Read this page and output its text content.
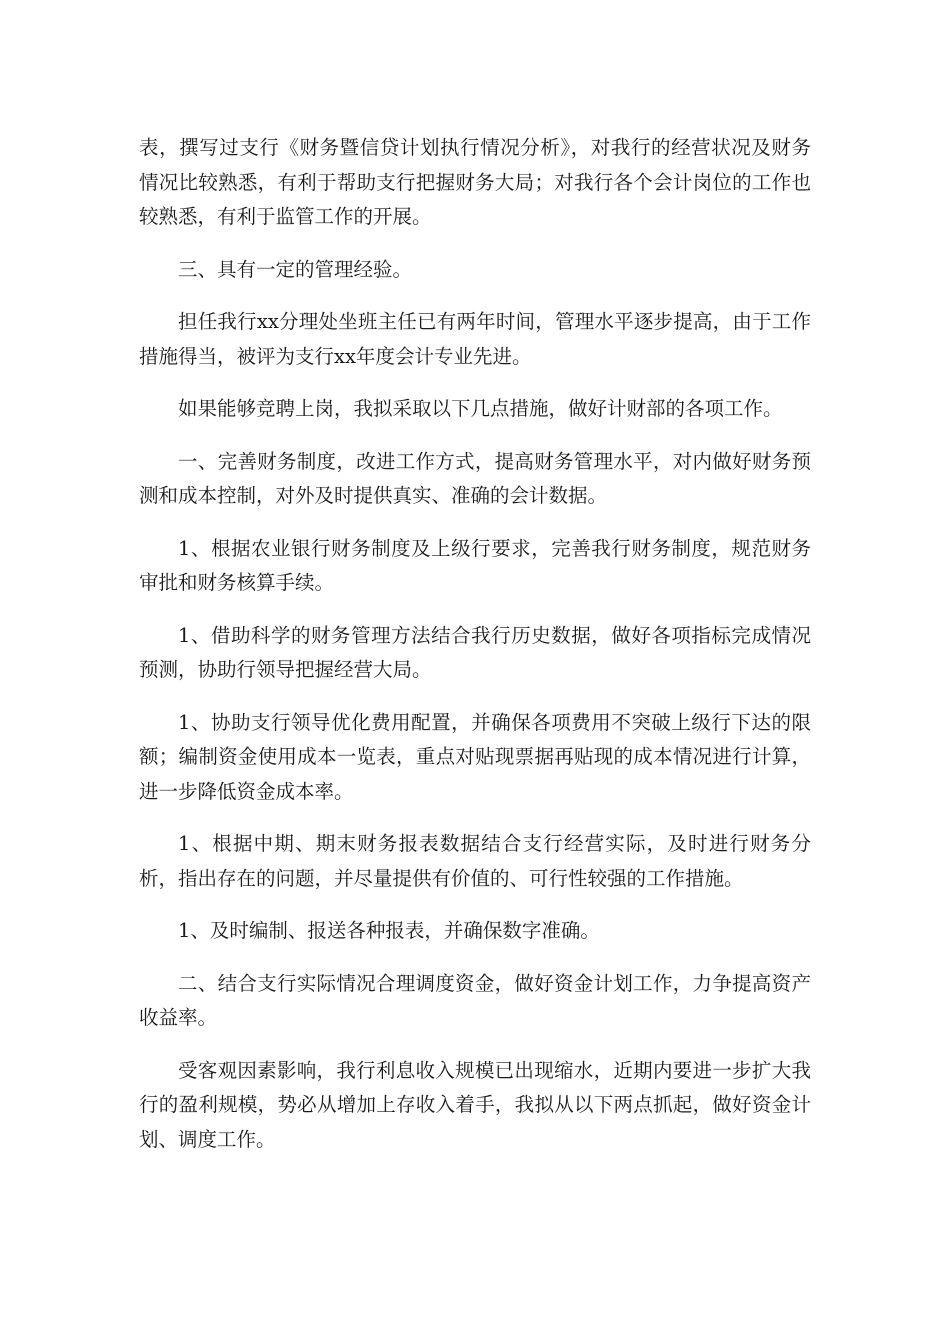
表，撰写过支行《财务暨信贷计划执行情况分析》，对我行的经营状况及财务情况比较熟悉，有利于帮助支行把握财务大局；对我行各个会计岗位的工作也较熟悉，有利于监管工作的开展。

三、具有一定的管理经验。

担任我行xx分理处坐班主任已有两年时间，管理水平逐步提高，由于工作措施得当，被评为支行xx年度会计专业先进。

如果能够竞聘上岗，我拟采取以下几点措施，做好计财部的各项工作。

一、完善财务制度，改进工作方式，提高财务管理水平，对内做好财务预测和成本控制，对外及时提供真实、准确的会计数据。

1、根据农业银行财务制度及上级行要求，完善我行财务制度，规范财务审批和财务核算手续。

1、借助科学的财务管理方法结合我行历史数据，做好各项指标完成情况预测，协助行领导把握经营大局。

1、协助支行领导优化费用配置，并确保各项费用不突破上级行下达的限额；编制资金使用成本一览表，重点对贴现票据再贴现的成本情况进行计算，进一步降低资金成本率。

1、根据中期、期末财务报表数据结合支行经营实际，及时进行财务分析，指出存在的问题，并尽量提供有价值的、可行性较强的工作措施。

1、及时编制、报送各种报表，并确保数字准确。

二、结合支行实际情况合理调度资金，做好资金计划工作，力争提高资产收益率。

受客观因素影响，我行利息收入规模已出现缩水，近期内要进一步扩大我行的盈利规模，势必从增加上存收入着手，我拟从以下两点抓起，做好资金计划、调度工作。
